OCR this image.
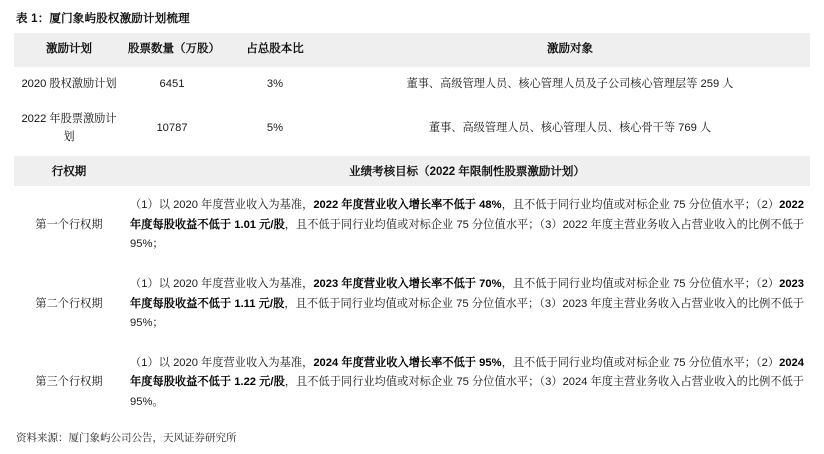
表 1：厦门象屿股权激励计划梳理
激励计划	股票数量（万股）	占总股本比	激励对象
2020 股权激励计划	6451	3%	董事、高级管理人员、核心管理人员及子公司核心管理层等 259 人
2022 年股票激励计划	10787	5%	董事、高级管理人员、核心管理人员、核心骨干等 769 人
行权期	业绩考核目标（2022 年限制性股票激励计划）		
第一个行权期	（1）以 2020 年度营业收入为基准，2022 年度营业收入增长率不低于 48%，且不低于同行业均值或对标企业 75 分位值水平；（2）2022 年度每股收益不低于 1.01 元/股，且不低于同行业均值或对标企业 75 分位值水平；（3）2022 年度主营业务收入占营业收入的比例不低于 95%；		
第二个行权期	（1）以 2020 年度营业收入为基准，2023 年度营业收入增长率不低于 70%，且不低于同行业均值或对标企业 75 分位值水平；（2）2023 年度每股收益不低于 1.11 元/股，且不低于同行业均值或对标企业 75 分位值水平；（3）2023 年度主营业务收入占营业收入的比例不低于 95%；		
第三个行权期	（1）以 2020 年度营业收入为基准，2024 年度营业收入增长率不低于 95%，且不低于同行业均值或对标企业 75 分位值水平；（2）2024 年度每股收益不低于 1.22 元/股，且不低于同行业均值或对标企业 75 分位值水平；（3）2024 年度主营业务收入占营业收入的比例不低于 95%。		
资料来源：厦门象屿公司公告，天风证券研究所
